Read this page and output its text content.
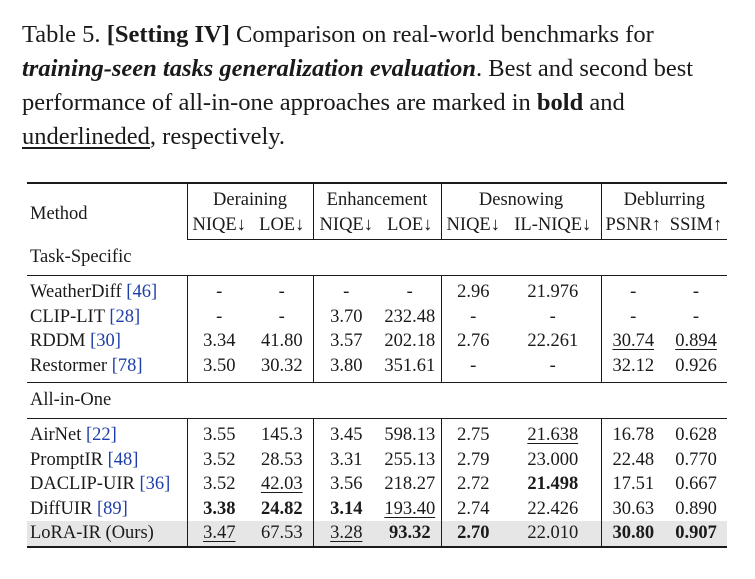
Table 5. [Setting IV] Comparison on real-world benchmarks for training-seen tasks generalization evaluation. Best and second best performance of all-in-one approaches are marked in bold and underlineded, respectively.
Method	Deraining		Enhancement		Desnowing		Deblurring	
	NIQE↓	LOE↓	NIQE↓	LOE↓	NIQE↓	IL-NIQE↓	PSNR↑	SSIM↑
Task-Specific								
WeatherDiff [46]	-	-	-	-	2.96	21.976	-	-
CLIP-LIT [28]	-	-	3.70	232.48	-	-	-	-
RDDM [30]	3.34	41.80	3.57	202.18	2.76	22.261	30.74	0.894
Restormer [78]	3.50	30.32	3.80	351.61	-	-	32.12	0.926
All-in-One								
AirNet [22]	3.55	145.3	3.45	598.13	2.75	21.638	16.78	0.628
PromptIR [48]	3.52	28.53	3.31	255.13	2.79	23.000	22.48	0.770
DACLIP-UIR [36]	3.52	42.03	3.56	218.27	2.72	21.498	17.51	0.667
DiffUIR [89]	3.38	24.82	3.14	193.40	2.74	22.426	30.63	0.890
LoRA-IR (Ours)	3.47	67.53	3.28	93.32	2.70	22.010	30.80	0.907
